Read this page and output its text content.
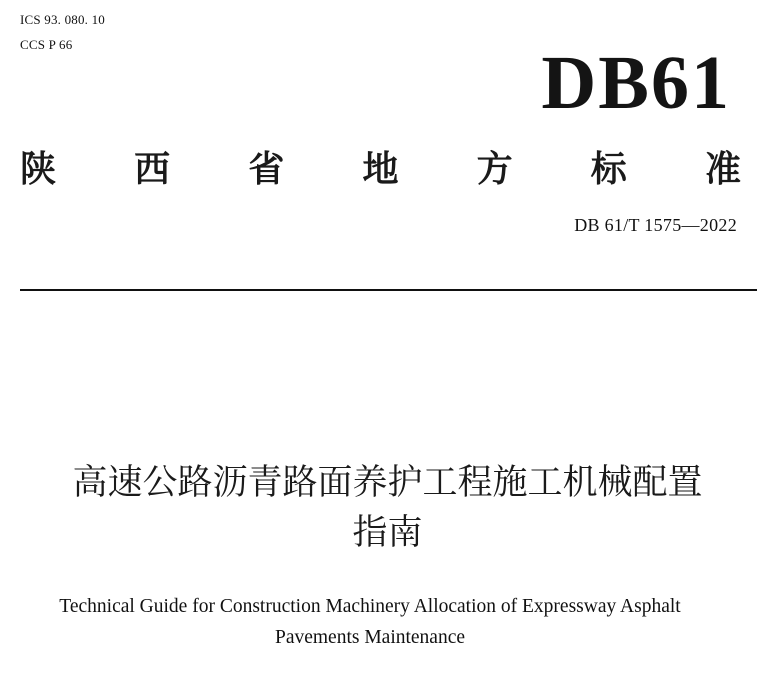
ICS 93. 080. 10
CCS P 66	DB61
陕 西 省 地 方 标 准
DB 61/T 1575—2022
高速公路沥青路面养护工程施工机械配置
指南
Technical Guide for Construction Machinery Allocation of Expressway Asphalt
Pavements Maintenance
